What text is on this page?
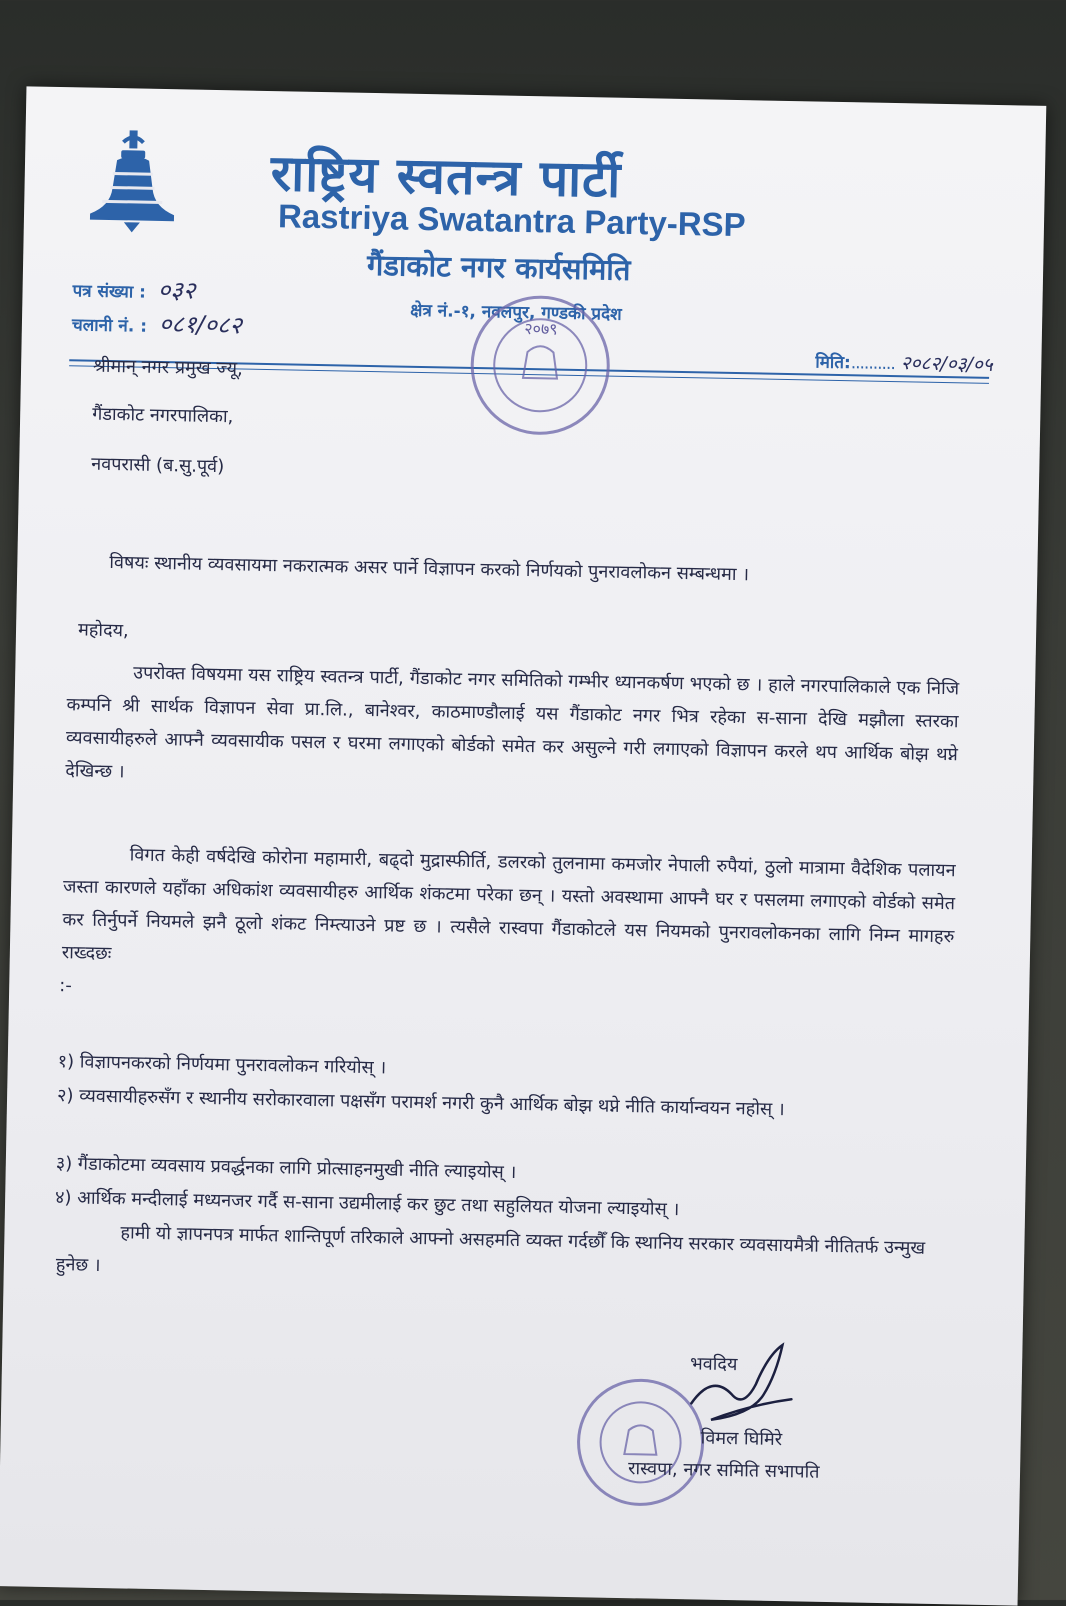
राष्ट्रिय स्वतन्त्र पार्टी
Rastriya Swatantra Party-RSP
गैंडाकोट नगर कार्यसमिति
पत्र संख्या : ०३२
चलानी नं. : ०८१/०८२	क्षेत्र नं.-१, नवलपुर, गण्डकी प्रदेश
मिति:.......... २०८२/०३/०५
२०७९
श्रीमान् नगर प्रमुख ज्यू,
गैंडाकोट नगरपालिका,
नवपरासी (ब.सु.पूर्व)
विषयः स्थानीय व्यवसायमा नकरात्मक असर पार्ने विज्ञापन करको निर्णयको पुनरावलोकन सम्बन्धमा ।
महोदय,
उपरोक्त विषयमा यस राष्ट्रिय स्वतन्त्र पार्टी, गैंडाकोट नगर समितिको गम्भीर ध्यानकर्षण भएको छ । हाले नगरपालिकाले एक निजि कम्पनि श्री सार्थक विज्ञापन सेवा प्रा.लि., बानेश्वर, काठमाण्डौलाई यस गैंडाकोट नगर भित्र रहेका स-साना देखि मझौला स्तरका व्यवसायीहरुले आफ्नै व्यवसायीक पसल र घरमा लगाएको बोर्डको समेत कर असुल्ने गरी लगाएको विज्ञापन करले थप आर्थिक बोझ थप्ने देखिन्छ ।
विगत केही वर्षदेखि कोरोना महामारी, बढ्दो मुद्रास्फीर्ति, डलरको तुलनामा कमजोर नेपाली रुपैयां, ठुलो मात्रामा वैदेशिक पलायन जस्ता कारणले यहाँका अधिकांश व्यवसायीहरु आर्थिक शंकटमा परेका छन् । यस्तो अवस्थामा आफ्नै घर र पसलमा लगाएको वोर्डको समेत कर तिर्नुपर्ने नियमले झनै ठूलो शंकट निम्त्याउने प्रष्ट छ । त्यसैले रास्वपा गैंडाकोटले यस नियमको पुनरावलोकनका लागि निम्न मागहरु राख्दछः
:-
१) विज्ञापनकरको निर्णयमा पुनरावलोकन गरियोस् ।
२) व्यवसायीहरुसँग र स्थानीय सरोकारवाला पक्षसँग परामर्श नगरी कुनै आर्थिक बोझ थप्ने नीति कार्यान्वयन नहोस् ।
३) गैंडाकोटमा व्यवसाय प्रवर्द्धनका लागि प्रोत्साहनमुखी नीति ल्याइयोस् ।
४) आर्थिक मन्दीलाई मध्यनजर गर्दै स-साना उद्यमीलाई कर छुट तथा सहुलियत योजना ल्याइयोस् ।
हामी यो ज्ञापनपत्र मार्फत शान्तिपूर्ण तरिकाले आफ्नो असहमति व्यक्त गर्दछौँ कि स्थानिय सरकार व्यवसायमैत्री नीतितर्फ उन्मुख हुनेछ ।
भवदिय
विमल घिमिरे
रास्वपा, नगर समिति सभापति
